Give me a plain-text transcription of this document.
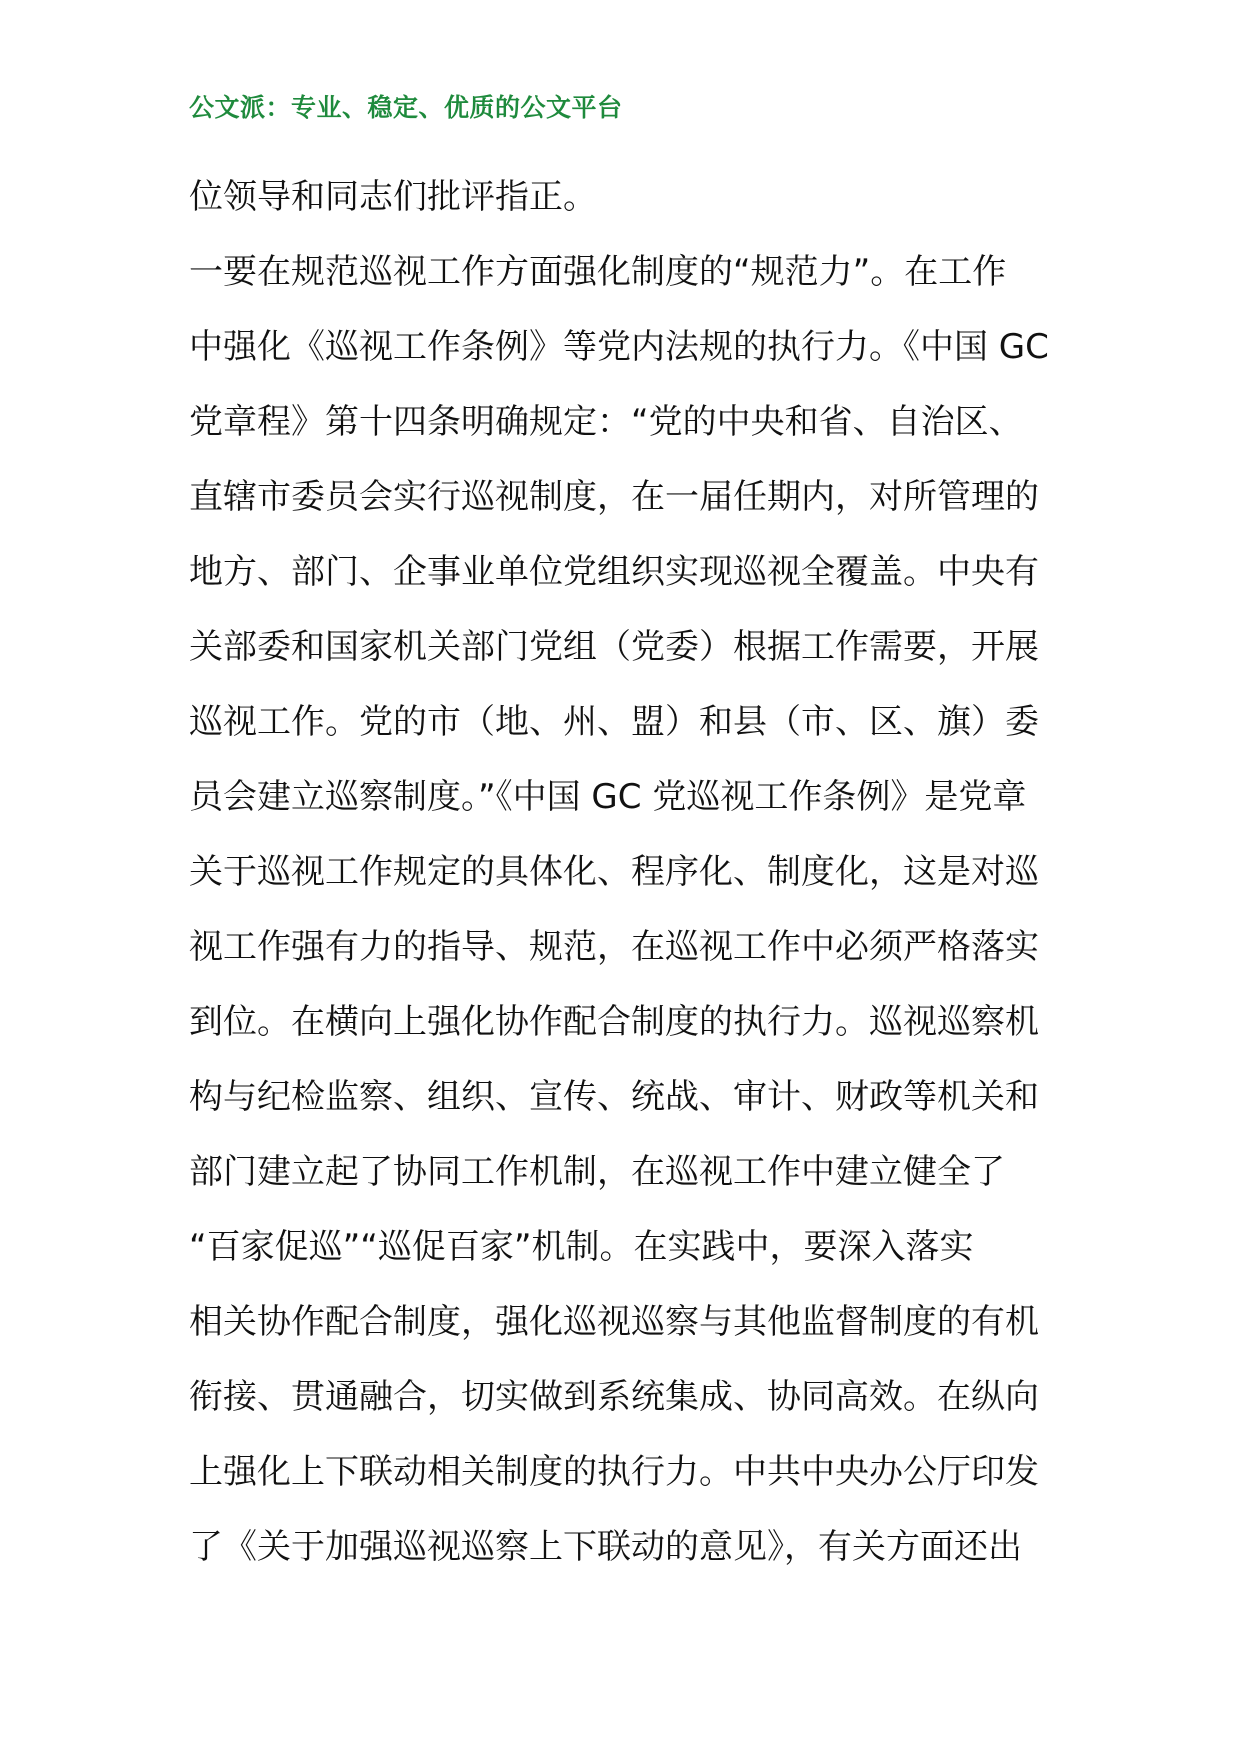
公文派：专业、稳定、优质的公文平台
位领导和同志们批评指正。
一要在规范巡视工作方面强化制度的“规范力”。在工作
中强化《巡视工作条例》等党内法规的执行力。《中国 GC
党章程》第十四条明确规定：“党的中央和省、自治区、
直辖市委员会实行巡视制度，在一届任期内，对所管理的
地方、部门、企事业单位党组织实现巡视全覆盖。中央有
关部委和国家机关部门党组（党委）根据工作需要，开展
巡视工作。党的市（地、州、盟）和县（市、区、旗）委
员会建立巡察制度。”《中国 GC 党巡视工作条例》是党章
关于巡视工作规定的具体化、程序化、制度化，这是对巡
视工作强有力的指导、规范，在巡视工作中必须严格落实
到位。在横向上强化协作配合制度的执行力。巡视巡察机
构与纪检监察、组织、宣传、统战、审计、财政等机关和
部门建立起了协同工作机制，在巡视工作中建立健全了
“百家促巡”“巡促百家”机制。在实践中，要深入落实
相关协作配合制度，强化巡视巡察与其他监督制度的有机
衔接、贯通融合，切实做到系统集成、协同高效。在纵向
上强化上下联动相关制度的执行力。中共中央办公厅印发
了《关于加强巡视巡察上下联动的意见》，有关方面还出
